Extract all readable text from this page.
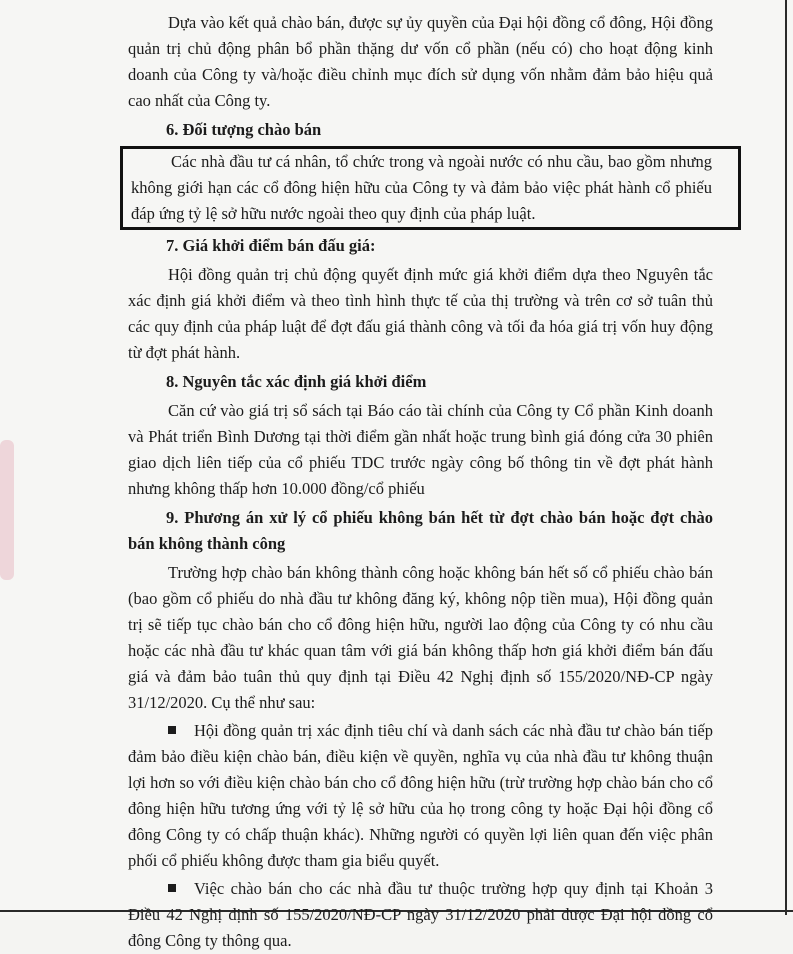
Dựa vào kết quả chào bán, được sự ủy quyền của Đại hội đồng cổ đông, Hội đồng quản trị chủ động phân bổ phần thặng dư vốn cổ phần (nếu có) cho hoạt động kinh doanh của Công ty và/hoặc điều chỉnh mục đích sử dụng vốn nhằm đảm bảo hiệu quả cao nhất của Công ty.

6. Đối tượng chào bán

Các nhà đầu tư cá nhân, tổ chức trong và ngoài nước có nhu cầu, bao gồm nhưng không giới hạn các cổ đông hiện hữu của Công ty và đảm bảo việc phát hành cổ phiếu đáp ứng tỷ lệ sở hữu nước ngoài theo quy định của pháp luật.

7. Giá khởi điểm bán đấu giá:

Hội đồng quản trị chủ động quyết định mức giá khởi điểm dựa theo Nguyên tắc xác định giá khởi điểm và theo tình hình thực tế của thị trường và trên cơ sở tuân thủ các quy định của pháp luật để đợt đấu giá thành công và tối đa hóa giá trị vốn huy động từ đợt phát hành.

8. Nguyên tắc xác định giá khởi điểm

Căn cứ vào giá trị sổ sách tại Báo cáo tài chính của Công ty Cổ phần Kinh doanh và Phát triển Bình Dương tại thời điểm gần nhất hoặc trung bình giá đóng cửa 30 phiên giao dịch liên tiếp của cổ phiếu TDC trước ngày công bố thông tin về đợt phát hành nhưng không thấp hơn 10.000 đồng/cổ phiếu

9. Phương án xử lý cổ phiếu không bán hết từ đợt chào bán hoặc đợt chào bán không thành công

Trường hợp chào bán không thành công hoặc không bán hết số cổ phiếu chào bán (bao gồm cổ phiếu do nhà đầu tư không đăng ký, không nộp tiền mua), Hội đồng quản trị sẽ tiếp tục chào bán cho cổ đông hiện hữu, người lao động của Công ty có nhu cầu hoặc các nhà đầu tư khác quan tâm với giá bán không thấp hơn giá khởi điểm bán đấu giá và đảm bảo tuân thủ quy định tại Điều 42 Nghị định số 155/2020/NĐ-CP ngày 31/12/2020. Cụ thể như sau:

Hội đồng quản trị xác định tiêu chí và danh sách các nhà đầu tư chào bán tiếp đảm bảo điều kiện chào bán, điều kiện về quyền, nghĩa vụ của nhà đầu tư không thuận lợi hơn so với điều kiện chào bán cho cổ đông hiện hữu (trừ trường hợp chào bán cho cổ đông hiện hữu tương ứng với tỷ lệ sở hữu của họ trong công ty hoặc Đại hội đồng cổ đông Công ty có chấp thuận khác). Những người có quyền lợi liên quan đến việc phân phối cổ phiếu không được tham gia biểu quyết.

Việc chào bán cho các nhà đầu tư thuộc trường hợp quy định tại Khoản 3 Điều 42 Nghị định số 155/2020/NĐ-CP ngày 31/12/2020 phải được Đại hội đồng cổ đông Công ty thông qua.
